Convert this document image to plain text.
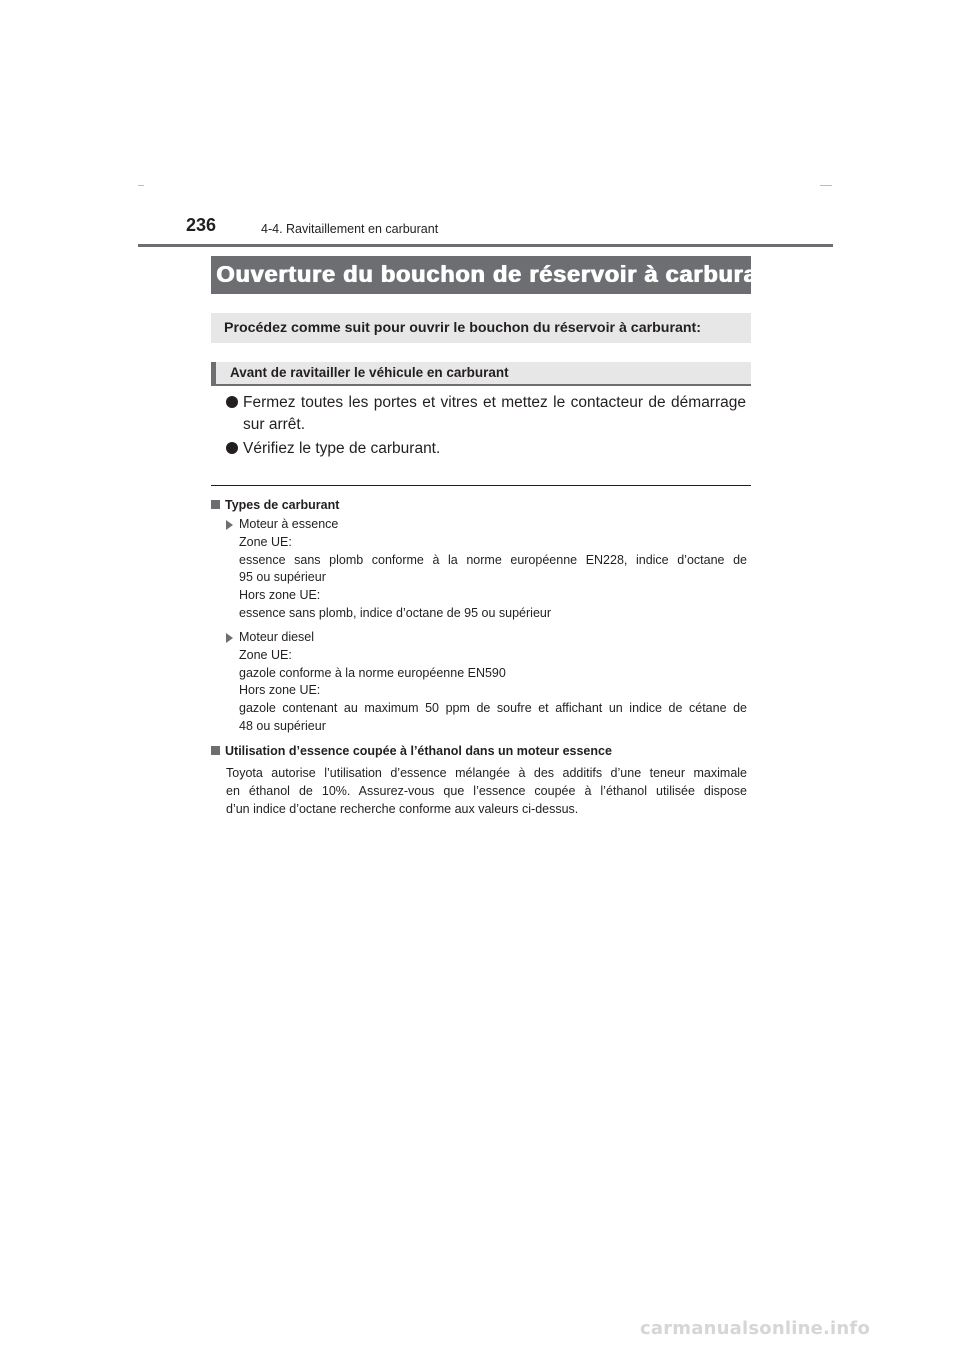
236	4-4. Ravitaillement en carburant
Ouverture du bouchon de réservoir à carburant
Procédez comme suit pour ouvrir le bouchon du réservoir à carburant:
Avant de ravitailler le véhicule en carburant
Fermez toutes les portes et vitres et mettez le contacteur de démarrage
sur arrêt.
Vérifiez le type de carburant.
Types de carburant
Moteur à essence
Zone UE:
essence sans plomb conforme à la norme européenne EN228, indice d’octane de
95 ou supérieur
Hors zone UE:
essence sans plomb, indice d’octane de 95 ou supérieur
Moteur diesel
Zone UE:
gazole conforme à la norme européenne EN590
Hors zone UE:
gazole contenant au maximum 50 ppm de soufre et affichant un indice de cétane de
48 ou supérieur
Utilisation d’essence coupée à l’éthanol dans un moteur essence
Toyota autorise l’utilisation d’essence mélangée à des additifs d’une teneur maximale
en éthanol de 10%. Assurez-vous que l’essence coupée à l’éthanol utilisée dispose
d’un indice d’octane recherche conforme aux valeurs ci-dessus.
carmanualsonline.info
